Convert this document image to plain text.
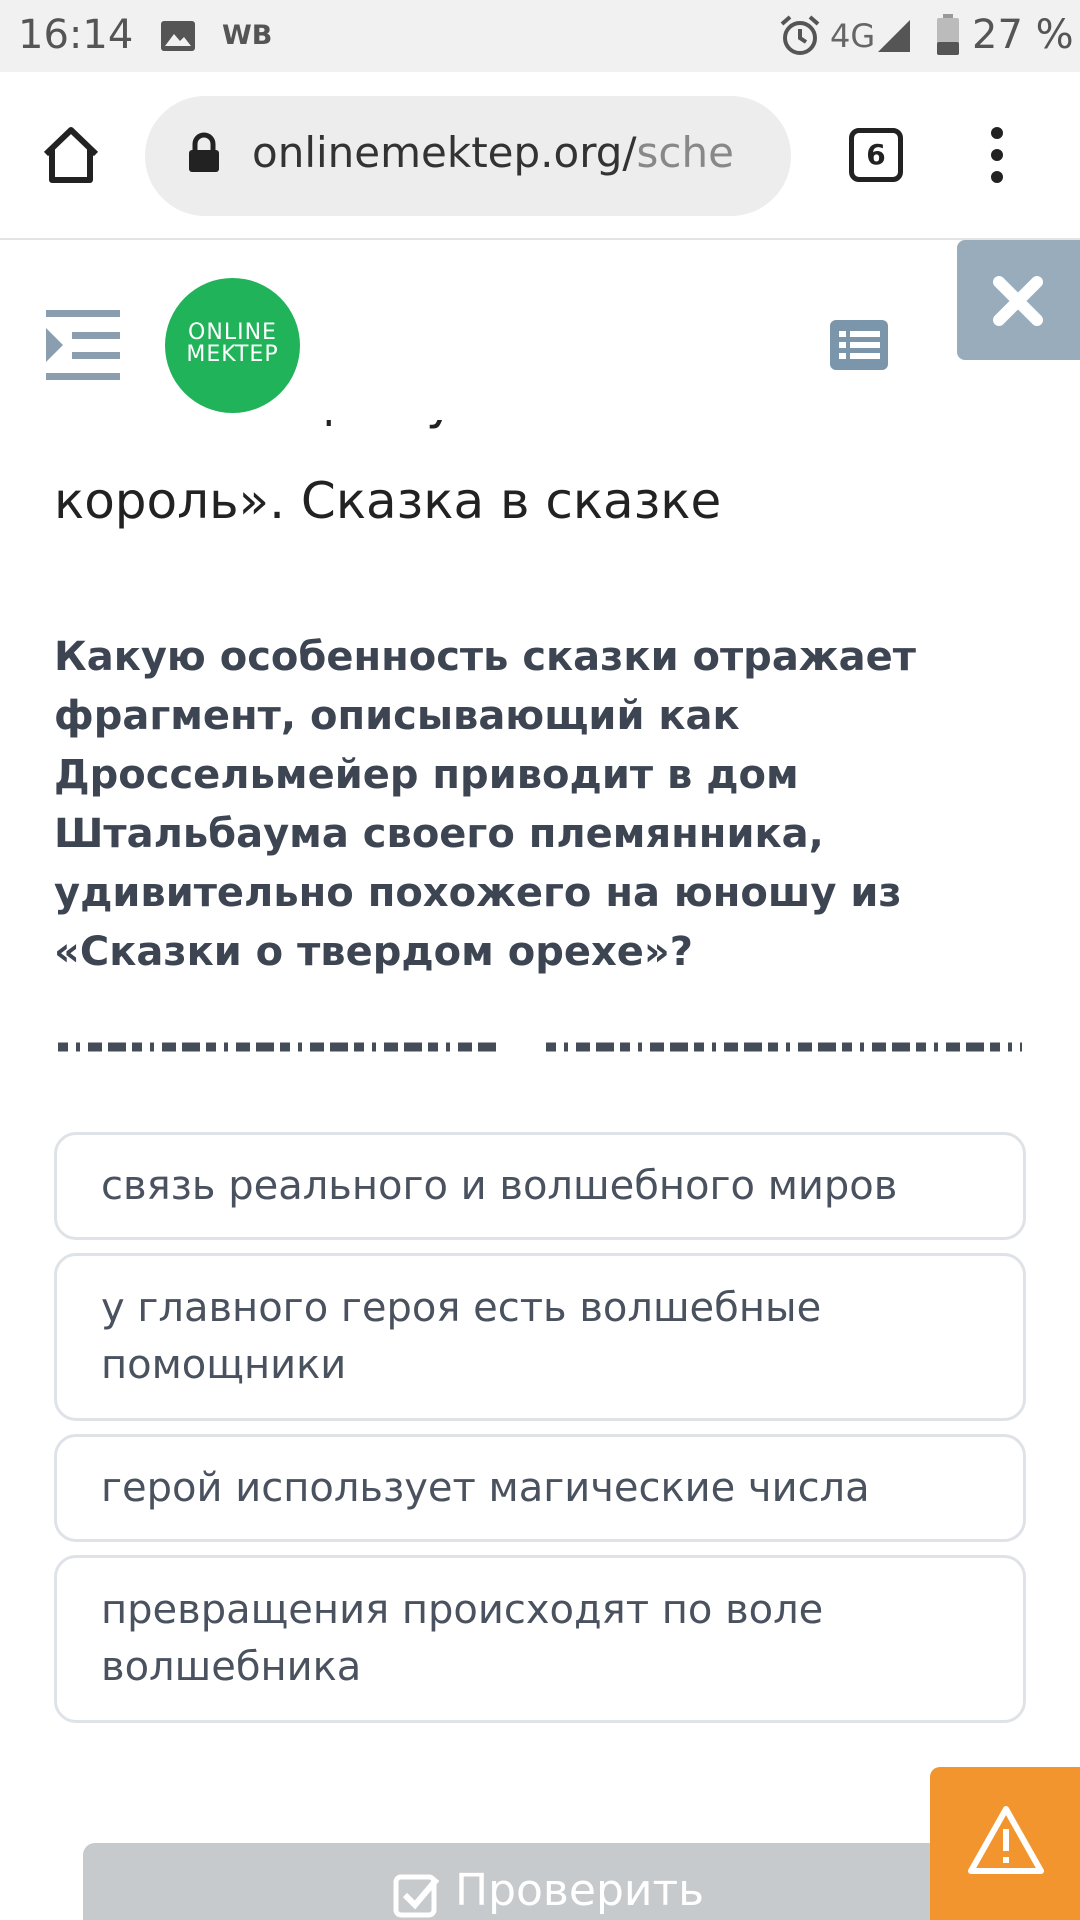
16:14	WB	4G 27 %
onlinemektep.org/sche	6
король». Сказка в сказке
ONLINE
MEKTEP
Какую особенность сказки отражает фрагмент, описывающий как Дроссельмейер приводит в дом Штальбаума своего племянника, удивительно похожего на юношу из «Сказки о твердом орехе»?
связь реального и волшебного миров
у главного героя есть волшебные помощники
герой использует магические числа
превращения происходят по воле волшебника
Проверить
